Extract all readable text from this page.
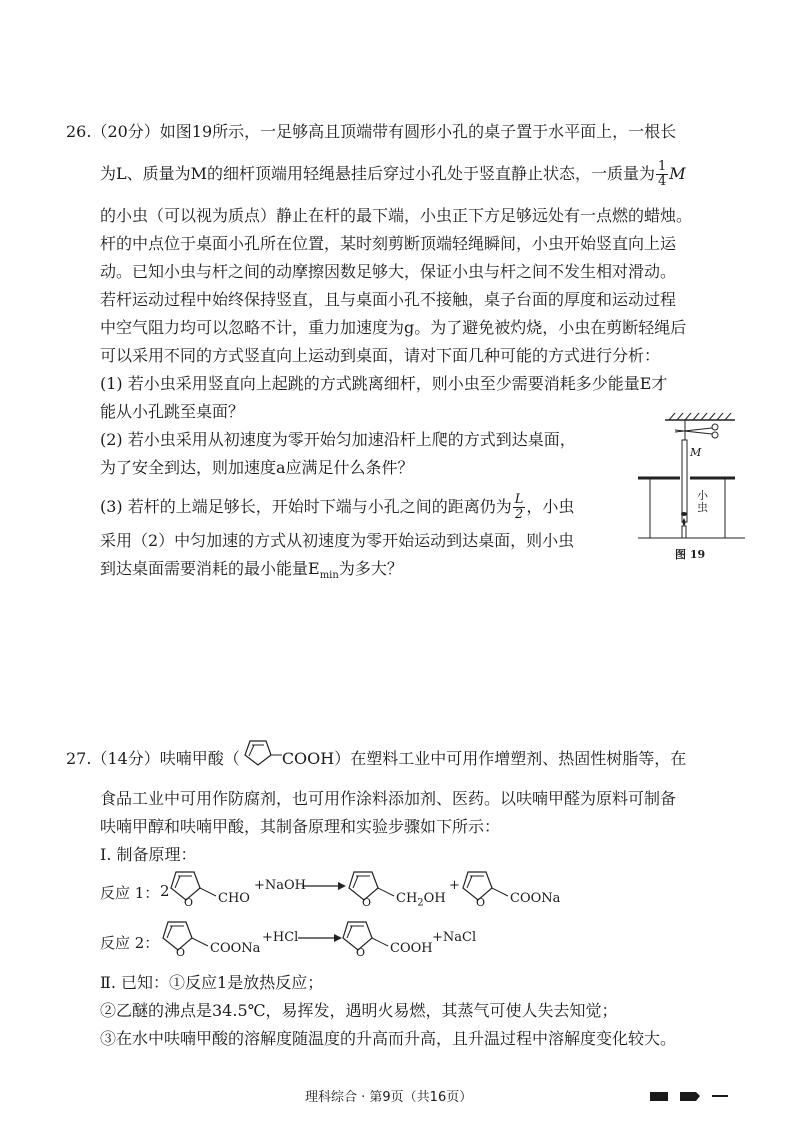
26.（20分）如图19所示，一足够高且顶端带有圆形小孔的桌子置于水平面上，一根长
为L、质量为M的细杆顶端用轻绳悬挂后穿过小孔处于竖直静止状态，一质量为 $\frac{1}{4}$ M
的小虫（可以视为质点）静止在杆的最下端，小虫正下方足够远处有一点燃的蜡烛。
杆的中点位于桌面小孔所在位置，某时刻剪断顶端轻绳瞬间，小虫开始竖直向上运
动。已知小虫与杆之间的动摩擦因数足够大，保证小虫与杆之间不发生相对滑动。
若杆运动过程中始终保持竖直，且与桌面小孔不接触，桌子台面的厚度和运动过程
中空气阻力均可以忽略不计，重力加速度为g。为了避免被灼烧，小虫在剪断轻绳后
可以采用不同的方式竖直向上运动到桌面，请对下面几种可能的方式进行分析：
(1) 若小虫采用竖直向上起跳的方式跳离细杆，则小虫至少需要消耗多少能量E才
能从小孔跳至桌面？
(2) 若小虫采用从初速度为零开始匀加速沿杆上爬的方式到达桌面，
为了安全到达，则加速度a应满足什么条件？
(3) 若杆的上端足够长，开始时下端与小孔之间的距离仍为 $\frac{L}{2}$ ，小虫
采用（2）中匀加速的方式从初速度为零开始运动到达桌面，则小虫
到达桌面需要消耗的最小能量$E_{min}$为多大？
M
小虫
图 19
27.（14分）呋喃甲酸（	COOH）在塑料工业中可用作增塑剂、热固性树脂等，在
食品工业中可用作防腐剂，也可用作涂料添加剂、医药。以呋喃甲醛为原料可制备
呋喃甲醇和呋喃甲酸，其制备原理和实验步骤如下所示：
Ⅰ. 制备原理：
反应 1： 2
O CHO
+NaOH
O $CH_2OH$
+
O COONa
反应 2：
O COONa
+HCl →
O COOH
+NaCl
Ⅱ. 已知：①反应1是放热反应；
②乙醚的沸点是34.5℃，易挥发，遇明火易燃，其蒸气可使人失去知觉；
③在水中呋喃甲酸的溶解度随温度的升高而升高，且升温过程中溶解度变化较大。
理科综合 · 第9页（共16页）
